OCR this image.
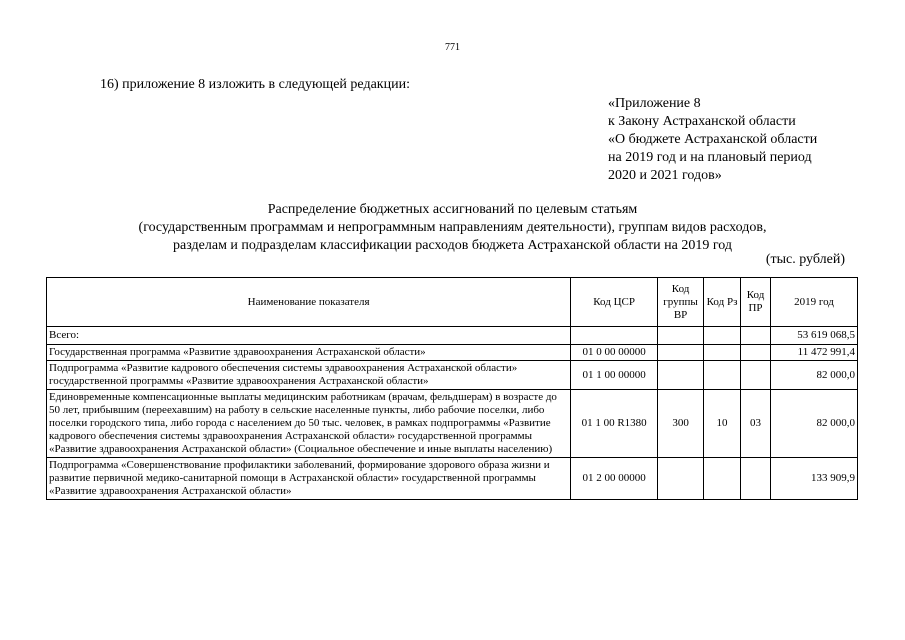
771
16) приложение 8 изложить в следующей редакции:
«Приложение 8
к Закону Астраханской области
«О бюджете Астраханской области
на 2019 год и на плановый период
2020 и 2021 годов»
Распределение бюджетных ассигнований по целевым статьям
(государственным программам и непрограммным направлениям деятельности), группам видов расходов,
разделам и подразделам классификации расходов бюджета Астраханской области на 2019 год
(тыс. рублей)
Наименование показателя	Код ЦСР	Код группы ВР	Код Рз	Код ПР	2019 год
Всего:					53 619 068,5
Государственная программа «Развитие здравоохранения Астраханской области»	01 0 00 00000				11 472 991,4
Подпрограмма «Развитие кадрового обеспечения системы здравоохранения Астраханской области» государственной программы «Развитие здравоохранения Астраханской области»	01 1 00 00000				82 000,0
Единовременные компенсационные выплаты медицинским работникам (врачам, фельдшерам) в возрасте до 50 лет, прибывшим (переехавшим) на работу в сельские населенные пункты, либо рабочие поселки, либо поселки городского типа, либо города с населением до 50 тыс. человек, в рамках подпрограммы «Развитие кадрового обеспечения системы здравоохранения Астраханской области» государственной программы «Развитие здравоохранения Астраханской области» (Социальное обеспечение и иные выплаты населению)	01 1 00 R1380	300	10	03	82 000,0
Подпрограмма «Совершенствование профилактики заболеваний, формирование здорового образа жизни и развитие первичной медико-санитарной помощи в Астраханской области» государственной программы «Развитие здравоохранения Астраханской области»	01 2 00 00000				133 909,9
